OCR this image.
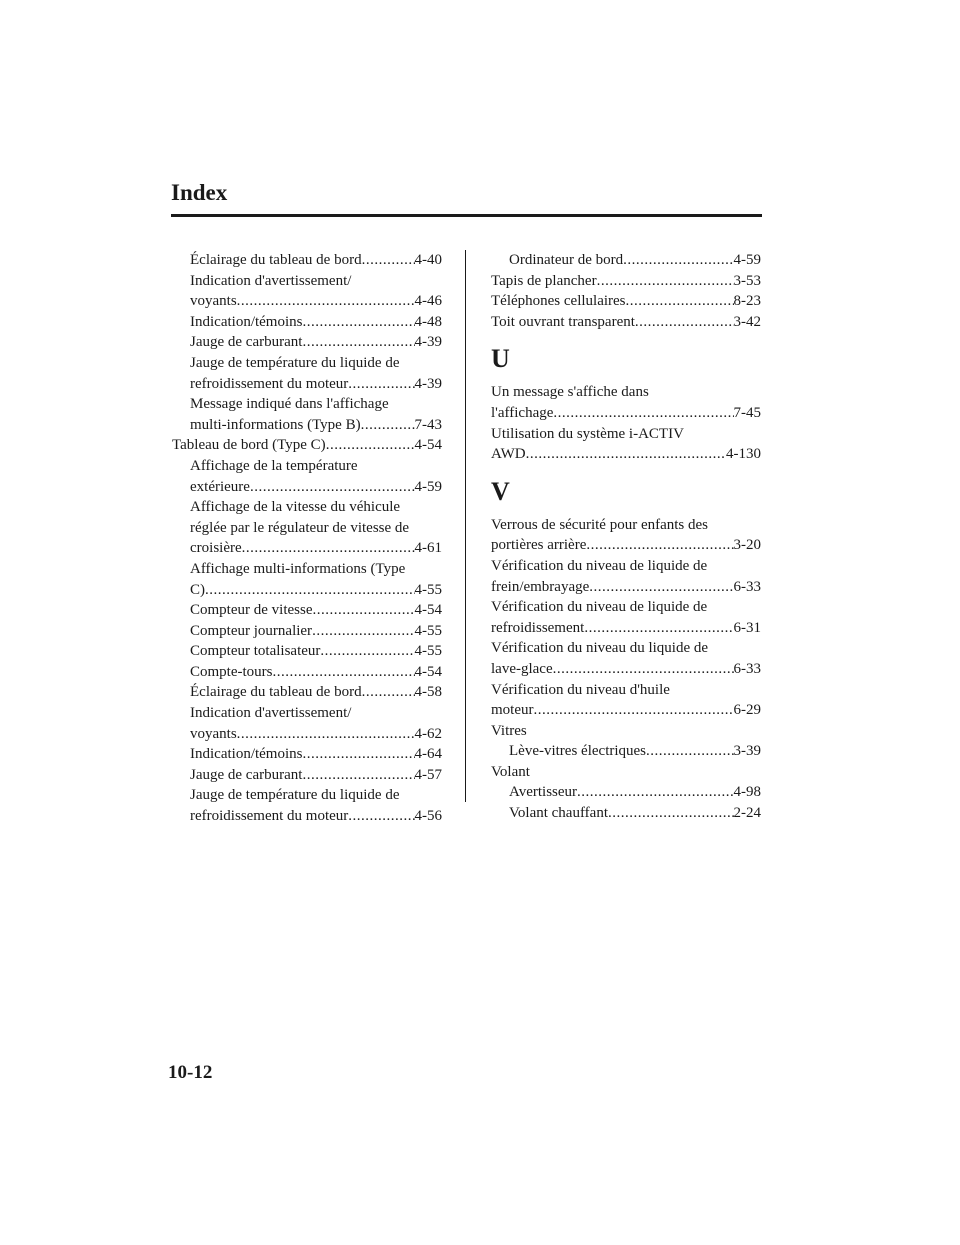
Index
Éclairage du tableau de bord .....	4-40
Indication d'avertissement/
voyants .....	4-46
Indication/témoins .....	4-48
Jauge de carburant .....	4-39
Jauge de température du liquide de
refroidissement du moteur .....	4-39
Message indiqué dans l'affichage
multi-informations (Type B) .....	7-43
Tableau de bord (Type C) .....	4-54
Affichage de la température
extérieure .....	4-59
Affichage de la vitesse du véhicule
réglée par le régulateur de vitesse de
croisière .....	4-61
Affichage multi-informations (Type
C) .....	4-55
Compteur de vitesse .....	4-54
Compteur journalier .....	4-55
Compteur totalisateur .....	4-55
Compte-tours .....	4-54
Éclairage du tableau de bord .....	4-58
Indication d'avertissement/
voyants .....	4-62
Indication/témoins .....	4-64
Jauge de carburant .....	4-57
Jauge de température du liquide de
refroidissement du moteur .....	4-56
Ordinateur de bord .....	4-59
Tapis de plancher .....	3-53
Téléphones cellulaires .....	8-23
Toit ouvrant transparent .....	3-42
U
Un message s'affiche dans
l'affichage .....	7-45
Utilisation du système i-ACTIV
AWD .....	4-130
V
Verrous de sécurité pour enfants des
portières arrière .....	3-20
Vérification du niveau de liquide de
frein/embrayage .....	6-33
Vérification du niveau de liquide de
refroidissement .....	6-31
Vérification du niveau du liquide de
lave-glace .....	6-33
Vérification du niveau d'huile
moteur .....	6-29
Vitres
Lève-vitres électriques .....	3-39
Volant
Avertisseur .....	4-98
Volant chauffant .....	2-24
10-12
